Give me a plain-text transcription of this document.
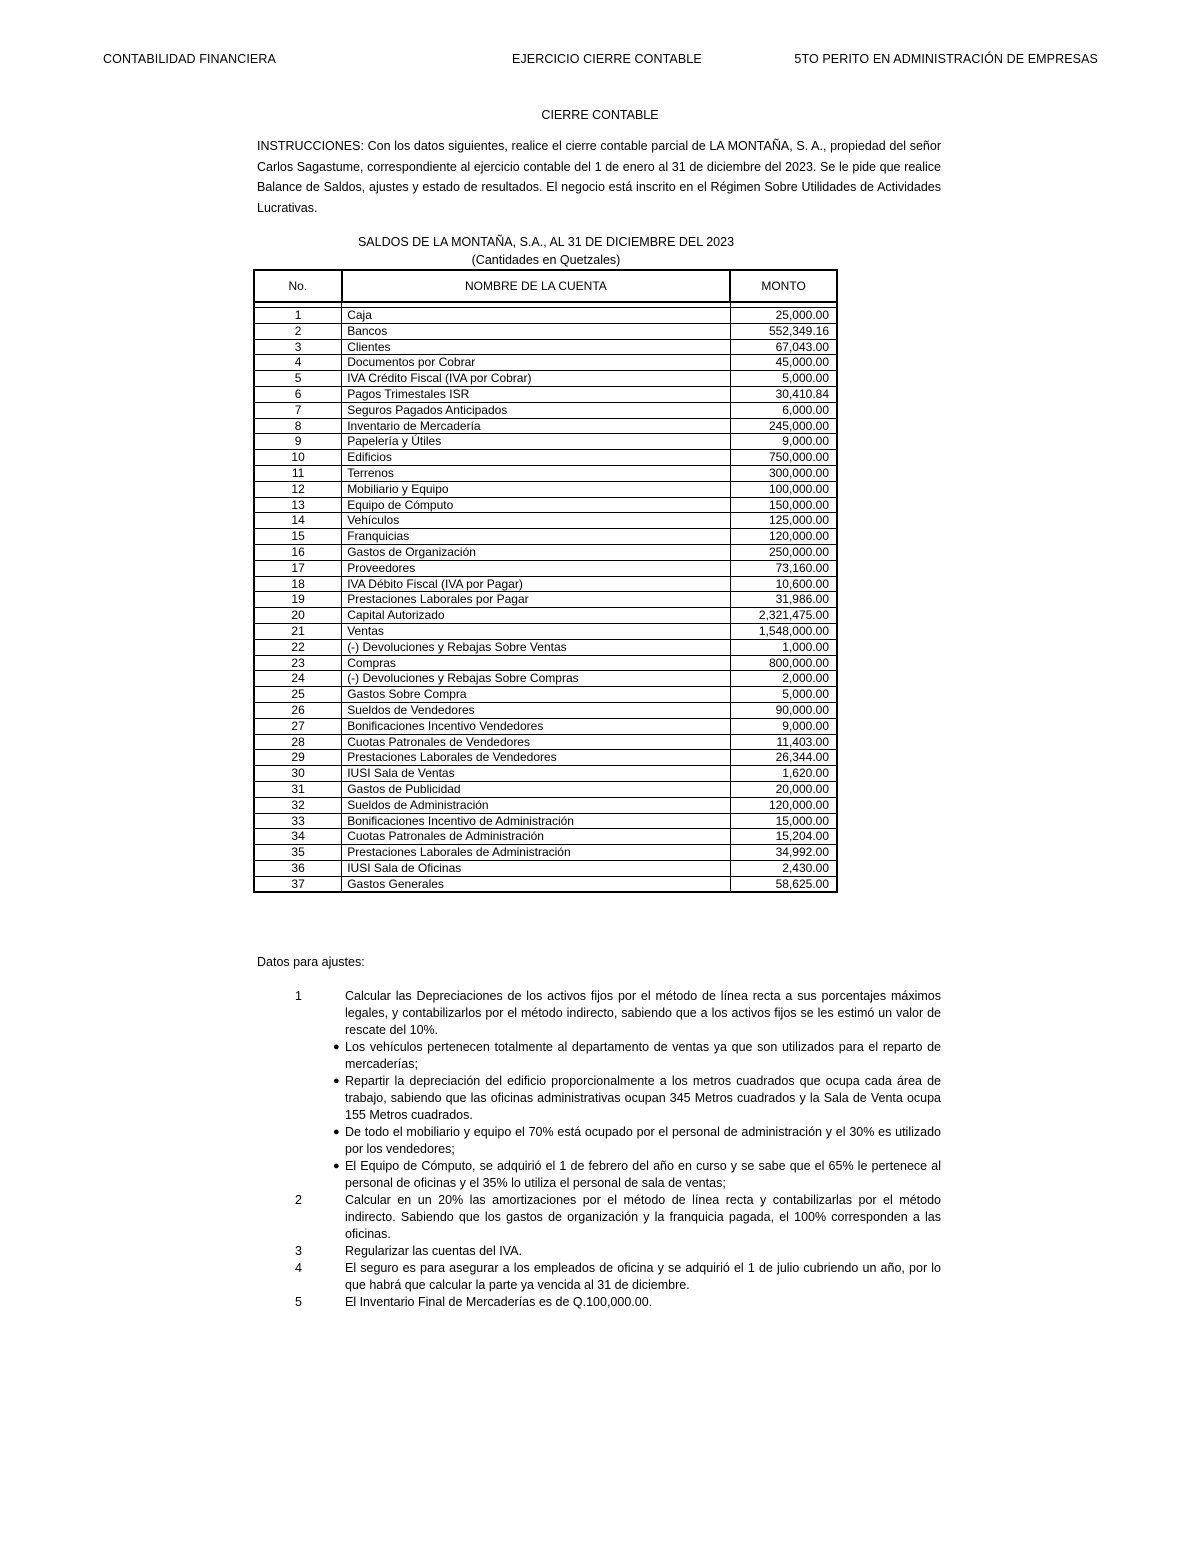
CONTABILIDAD FINANCIERA	EJERCICIO CIERRE CONTABLE	5TO PERITO EN ADMINISTRACIÓN DE EMPRESAS
CIERRE CONTABLE

INSTRUCCIONES: Con los datos siguientes, realice el cierre contable parcial de LA MONTAÑA, S. A., propiedad del señor Carlos Sagastume, correspondiente al ejercicio contable del 1 de enero al 31 de diciembre del 2023. Se le pide que realice Balance de Saldos, ajustes y estado de resultados. El negocio está inscrito en el Régimen Sobre Utilidades de Actividades Lucrativas.

SALDOS DE LA MONTAÑA, S.A., AL 31 DE DICIEMBRE DEL 2023
(Cantidades en Quetzales)
No.	NOMBRE DE LA CUENTA	MONTO

1	Caja	25,000.00
2	Bancos	552,349.16
3	Clientes	67,043.00
4	Documentos por Cobrar	45,000.00
5	IVA Crédito Fiscal (IVA por Cobrar)	5,000.00
6	Pagos Trimestales ISR	30,410.84
7	Seguros Pagados Anticipados	6,000.00
8	Inventario de Mercadería	245,000.00
9	Papelería y Útiles	9,000.00
10	Edificios	750,000.00
11	Terrenos	300,000.00
12	Mobiliario y Equipo	100,000.00
13	Equipo de Cómputo	150,000.00
14	Vehículos	125,000.00
15	Franquicias	120,000.00
16	Gastos de Organización	250,000.00
17	Proveedores	73,160.00
18	IVA Débito Fiscal (IVA por Pagar)	10,600.00
19	Prestaciones Laborales por Pagar	31,986.00
20	Capital Autorizado	2,321,475.00
21	Ventas	1,548,000.00
22	(-) Devoluciones y Rebajas Sobre Ventas	1,000.00
23	Compras	800,000.00
24	(-) Devoluciones y Rebajas Sobre Compras	2,000.00
25	Gastos Sobre Compra	5,000.00
26	Sueldos de Vendedores	90,000.00
27	Bonificaciones Incentivo Vendedores	9,000.00
28	Cuotas Patronales de Vendedores	11,403.00
29	Prestaciones Laborales de Vendedores	26,344.00
30	IUSI Sala de Ventas	1,620.00
31	Gastos de Publicidad	20,000.00
32	Sueldos de Administración	120,000.00
33	Bonificaciones Incentivo de Administración	15,000.00
34	Cuotas Patronales de Administración	15,204.00
35	Prestaciones Laborales de Administración	34,992.00
36	IUSI Sala de Oficinas	2,430.00
37	Gastos Generales	58,625.00
Datos para ajustes:
1	Calcular las Depreciaciones de los activos fijos por el método de línea recta a sus porcentajes máximos legales, y contabilizarlos por el método indirecto, sabiendo que a los activos fijos se les estimó un valor de rescate del 10%.
● Los vehículos pertenecen totalmente al departamento de ventas ya que son utilizados para el reparto de mercaderías;
● Repartir la depreciación del edificio proporcionalmente a los metros cuadrados que ocupa cada área de trabajo, sabiendo que las oficinas administrativas ocupan 345 Metros cuadrados y la Sala de Venta ocupa 155 Metros cuadrados.
● De todo el mobiliario y equipo el 70% está ocupado por el personal de administración y el 30% es utilizado por los vendedores;
● El Equipo de Cómputo, se adquirió el 1 de febrero del año en curso y se sabe que el 65% le pertenece al personal de oficinas y el 35% lo utiliza el personal de sala de ventas;
2	Calcular en un 20% las amortizaciones por el método de línea recta y contabilizarlas por el método indirecto. Sabiendo que los gastos de organización y la franquicia pagada, el 100% corresponden a las oficinas.
3	Regularizar las cuentas del IVA.
4	El seguro es para asegurar a los empleados de oficina y se adquirió el 1 de julio cubriendo un año, por lo que habrá que calcular la parte ya vencida al 31 de diciembre.
5	El Inventario Final de Mercaderías es de Q.100,000.00.
